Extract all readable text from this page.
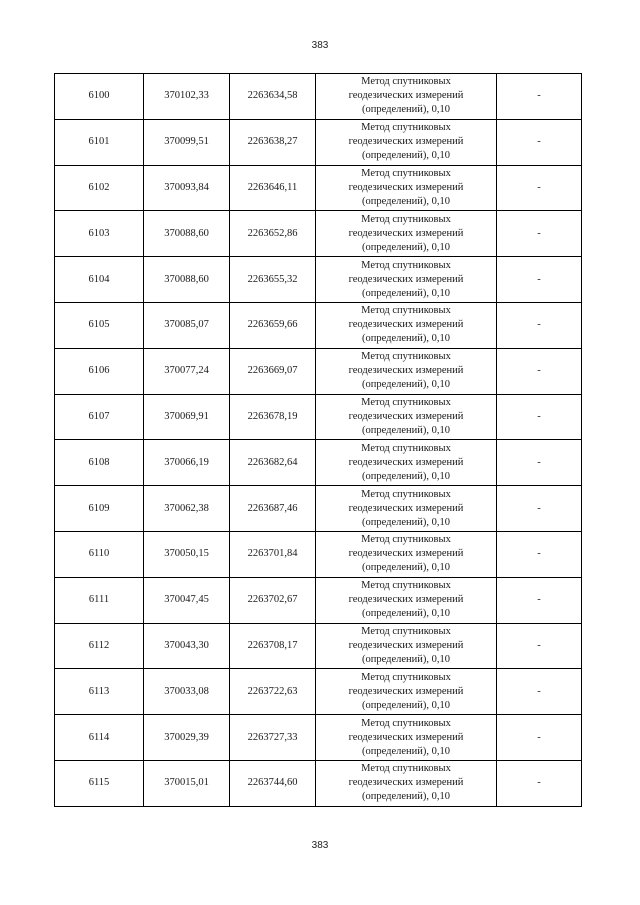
383
6100	370102,33	2263634,58	Метод спутниковых
геодезических измерений
(определений), 0,10	-
6101	370099,51	2263638,27	Метод спутниковых
геодезических измерений
(определений), 0,10	-
6102	370093,84	2263646,11	Метод спутниковых
геодезических измерений
(определений), 0,10	-
6103	370088,60	2263652,86	Метод спутниковых
геодезических измерений
(определений), 0,10	-
6104	370088,60	2263655,32	Метод спутниковых
геодезических измерений
(определений), 0,10	-
6105	370085,07	2263659,66	Метод спутниковых
геодезических измерений
(определений), 0,10	-
6106	370077,24	2263669,07	Метод спутниковых
геодезических измерений
(определений), 0,10	-
6107	370069,91	2263678,19	Метод спутниковых
геодезических измерений
(определений), 0,10	-
6108	370066,19	2263682,64	Метод спутниковых
геодезических измерений
(определений), 0,10	-
6109	370062,38	2263687,46	Метод спутниковых
геодезических измерений
(определений), 0,10	-
6110	370050,15	2263701,84	Метод спутниковых
геодезических измерений
(определений), 0,10	-
6111	370047,45	2263702,67	Метод спутниковых
геодезических измерений
(определений), 0,10	-
6112	370043,30	2263708,17	Метод спутниковых
геодезических измерений
(определений), 0,10	-
6113	370033,08	2263722,63	Метод спутниковых
геодезических измерений
(определений), 0,10	-
6114	370029,39	2263727,33	Метод спутниковых
геодезических измерений
(определений), 0,10	-
6115	370015,01	2263744,60	Метод спутниковых
геодезических измерений
(определений), 0,10	-
383
